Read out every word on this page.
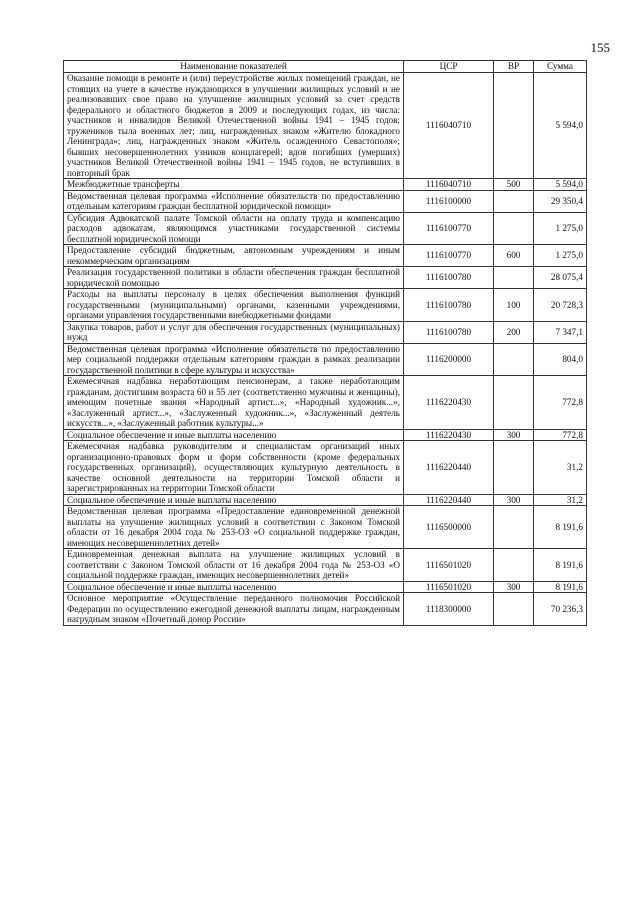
155
Наименование показателей	ЦСР	ВР	Сумма
Оказание помощи в ремонте и (или) переустройстве жилых помещений граждан, не стоящих на учете в качестве нуждающихся в улучшении жилищных условий и не реализовавших свое право на улучшение жилищных условий за счет средств федерального и областного бюджетов в 2009 и последующих годах, из числа: участников и инвалидов Великой Отечественной войны 1941 – 1945 годов; тружеников тыла военных лет; лиц, награжденных знаком «Жителю блокадного Ленинграда»; лиц, награжденных знаком «Житель осажденного Севастополя»; бывших несовершеннолетних узников концлагерей; вдов погибших (умерших) участников Великой Отечественной войны 1941 – 1945 годов, не вступивших в повторный брак	1116040710		5 594,0
Межбюджетные трансферты	1116040710	500	5 594,0
Ведомственная целевая программа «Исполнение обязательств по предоставлению отдельным категориям граждан бесплатной юридической помощи»	1116100000		29 350,4
Субсидия Адвокатской палате Томской области на оплату труда и компенсацию расходов адвокатам, являющимся участниками государственной системы бесплатной юридической помощи	1116100770		1 275,0
Предоставление субсидий бюджетным, автономным учреждениям и иным некоммерческим организациям	1116100770	600	1 275,0
Реализация государственной политики в области обеспечения граждан бесплатной юридической помощью	1116100780		28 075,4
Расходы на выплаты персоналу в целях обеспечения выполнения функций государственными (муниципальными) органами, казенными учреждениями, органами управления государственными внебюджетными фондами	1116100780	100	20 728,3
Закупка товаров, работ и услуг для обеспечения государственных (муниципальных) нужд	1116100780	200	7 347,1
Ведомственная целевая программа «Исполнение обязательств по предоставлению мер социальной поддержки отдельным категориям граждан в рамках реализации государственной политики в сфере культуры и искусства»	1116200000		804,0
Ежемесячная надбавка неработающим пенсионерам, а также неработающим гражданам, достигшим возраста 60 и 55 лет (соответственно мужчины и женщины), имеющим почетные звания «Народный артист...», «Народный художник...», «Заслуженный артист...», «Заслуженный художник...», «Заслуженный деятель искусств...», «Заслуженный работник культуры...»	1116220430		772,8
Социальное обеспечение и иные выплаты населению	1116220430	300	772,8
Ежемесячная надбавка руководителям и специалистам организаций иных организационно-правовых форм и форм собственности (кроме федеральных государственных организаций), осуществляющих культурную деятельность в качестве основной деятельности на территории Томской области и зарегистрированных на территории Томской области	1116220440		31,2
Социальное обеспечение и иные выплаты населению	1116220440	300	31,2
Ведомственная целевая программа «Предоставление единовременной денежной выплаты на улучшение жилищных условий в соответствии с Законом Томской области от 16 декабря 2004 года № 253-ОЗ «О социальной поддержке граждан, имеющих несовершеннолетних детей»	1116500000		8 191,6
Единовременная денежная выплата на улучшение жилищных условий в соответствии с Законом Томской области от 16 декабря 2004 года № 253-ОЗ «О социальной поддержке граждан, имеющих несовершеннолетних детей»	1116501020		8 191,6
Социальное обеспечение и иные выплаты населению	1116501020	300	8 191,6
Основное мероприятие «Осуществление переданного полномочия Российской Федерации по осуществлению ежегодной денежной выплаты лицам, награжденным нагрудным знаком «Почетный донор России»	1118300000		70 236,3
